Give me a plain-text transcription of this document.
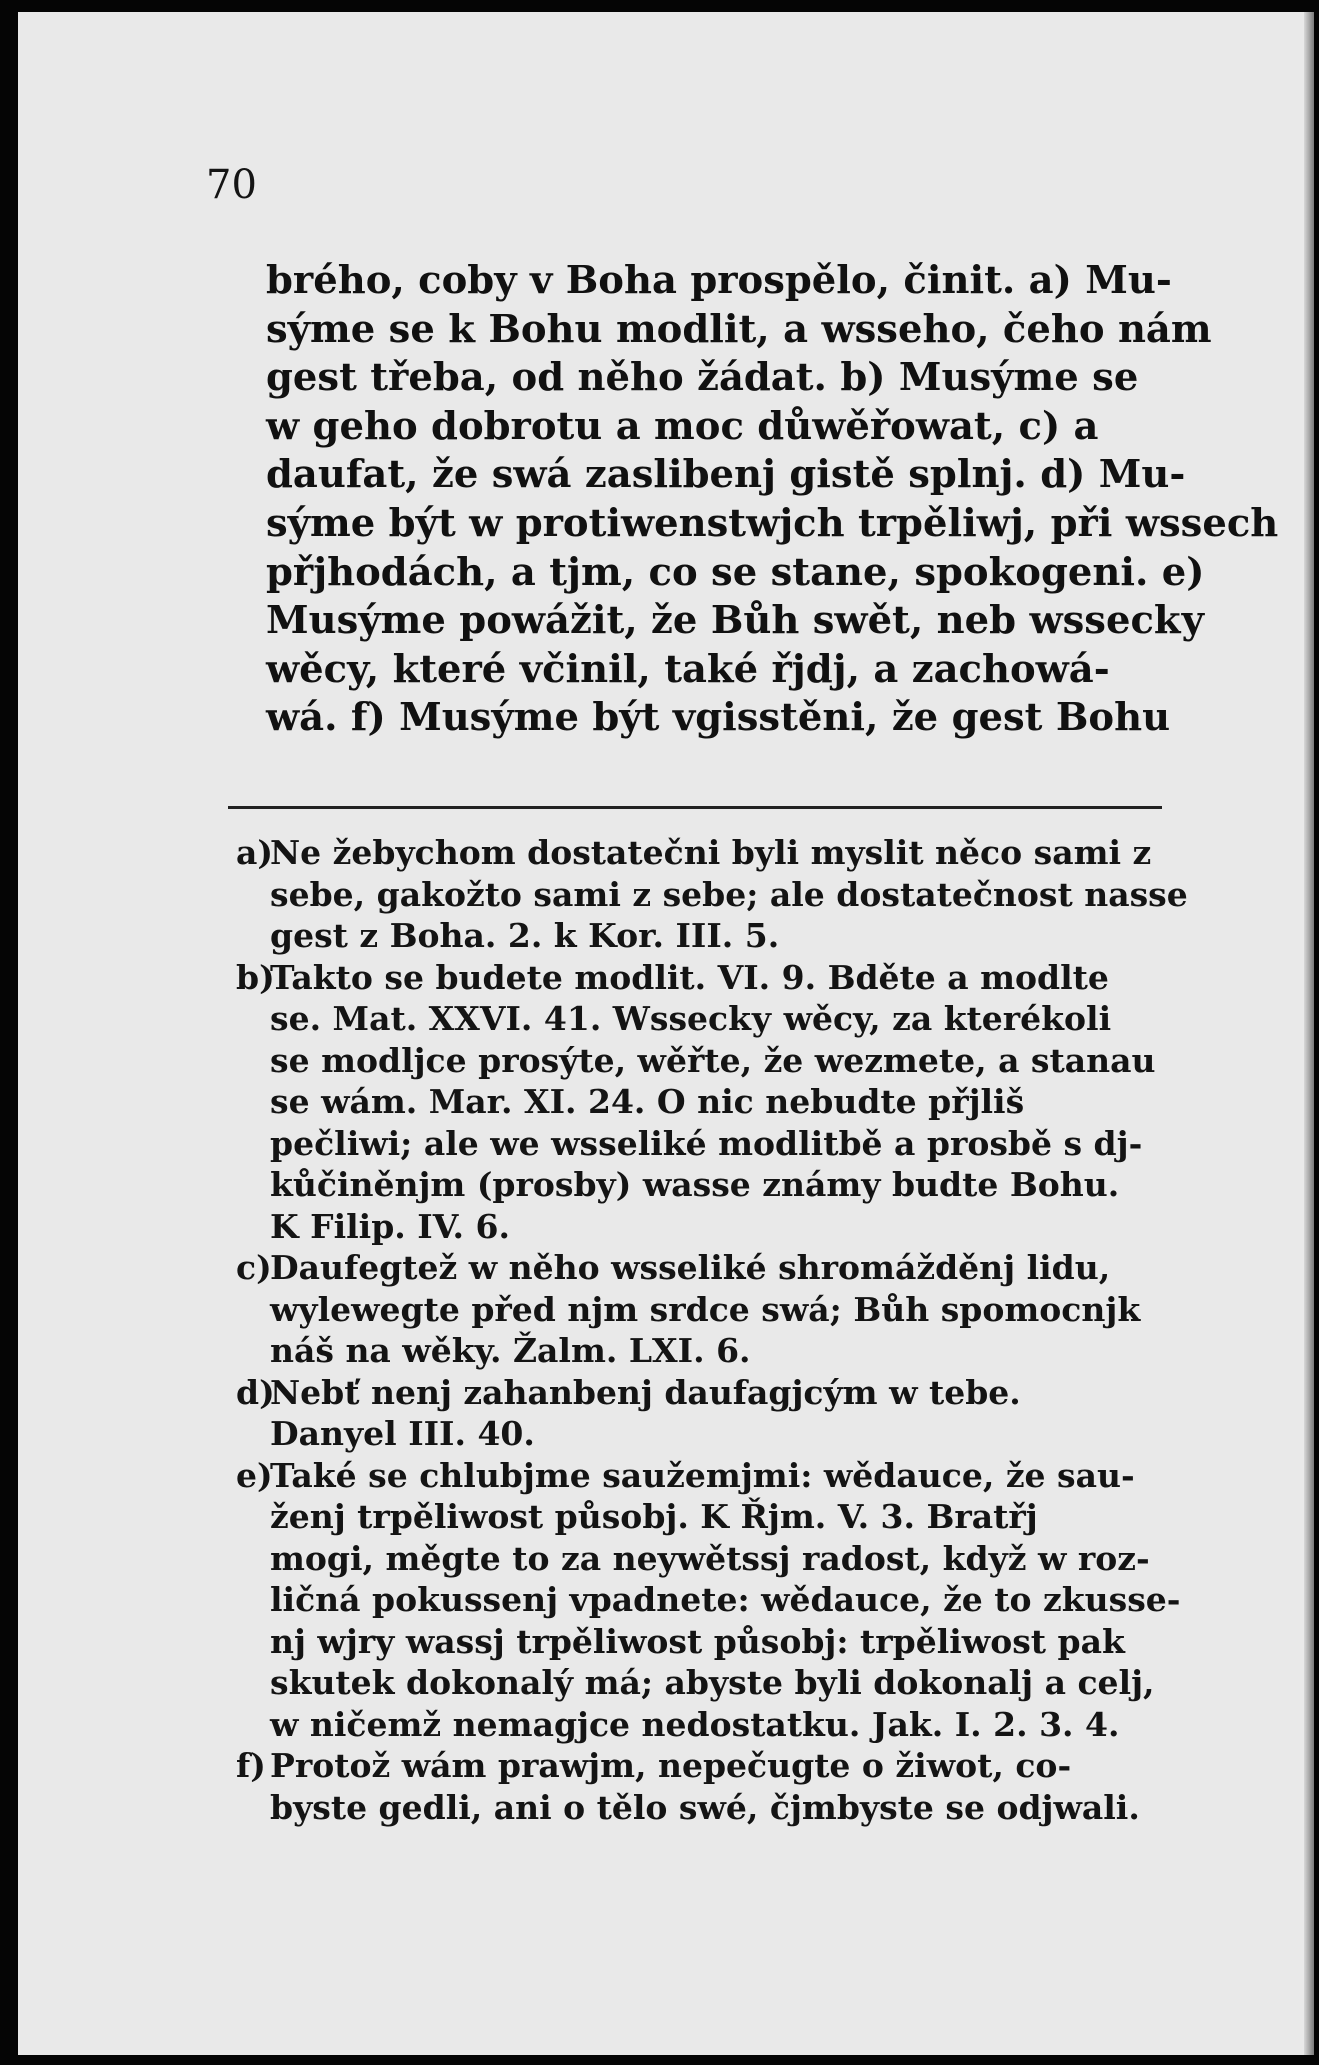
70

brého, coby v Boha prospělo, činit. a) Mu-
sýme se k Bohu modlit, a wsseho, čeho nám
gest třeba, od něho žádat. b) Musýme se
w geho dobrotu a moc důwěřowat, c) a
daufat, že swá zaslibenj gistě splnj. d) Mu-
sýme být w protiwenstwjch trpěliwj, při wssech
přjhodách, a tjm, co se stane, spokogeni. e)
Musýme powážit, že Bůh swět, neb wsseckу
wěcy, které včinil, také řjdj, a zachowá-
wá. f) Musýme být vgisstěni, že gest Bohu
a)
Ne žebychom dostatečni byli myslit něco sami z
sebe, gakožto sami z sebe; ale dostatečnost nasse
gest z Boha. 2. k Kor. III. 5.
b)
Takto se budete modlit. VI. 9. Bděte a modlte
se. Mat. XXVI. 41. Wsseckу wěcy, za kterékoli
se modljce prosýte, wěřte, že wezmete, a stanau
se wám. Mar. XI. 24. O nic nebudte přjliš
pečliwi; ale we wsseliké modlitbě a prosbě s dj-
kůčiněnjm (prosby) wasse známy budte Bohu.
K Filip. IV. 6.
c)
Daufegtež w něho wsseliké shromážděnj lidu,
wylewegte před njm srdce swá; Bůh spomocnjk
náš na wěky. Žalm. LXI. 6.
d)
Nebť nenj zahanbenj daufagjcým w tebe.
Danyel III. 40.
e)
Také se chlubjme saužemjmi: wědauce, že sau-
ženj trpěliwost působj. K Řjm. V. 3. Bratřj
mogi, měgte to za neywětssj radost, když w roz-
ličná pokussenj vpadnete: wědauce, že to zkusse-
nj wjry wassj trpěliwost působj: trpěliwost pak
skutek dokonalý má; abyste byli dokonalj a celj,
w ničemž nemagjce nedostatku. Jak. I. 2. 3. 4.
f) Protož wám prawjm, nepečugte o žiwot, co-
byste gedli, ani o tělo swé, čjmbyste se odjwali.
